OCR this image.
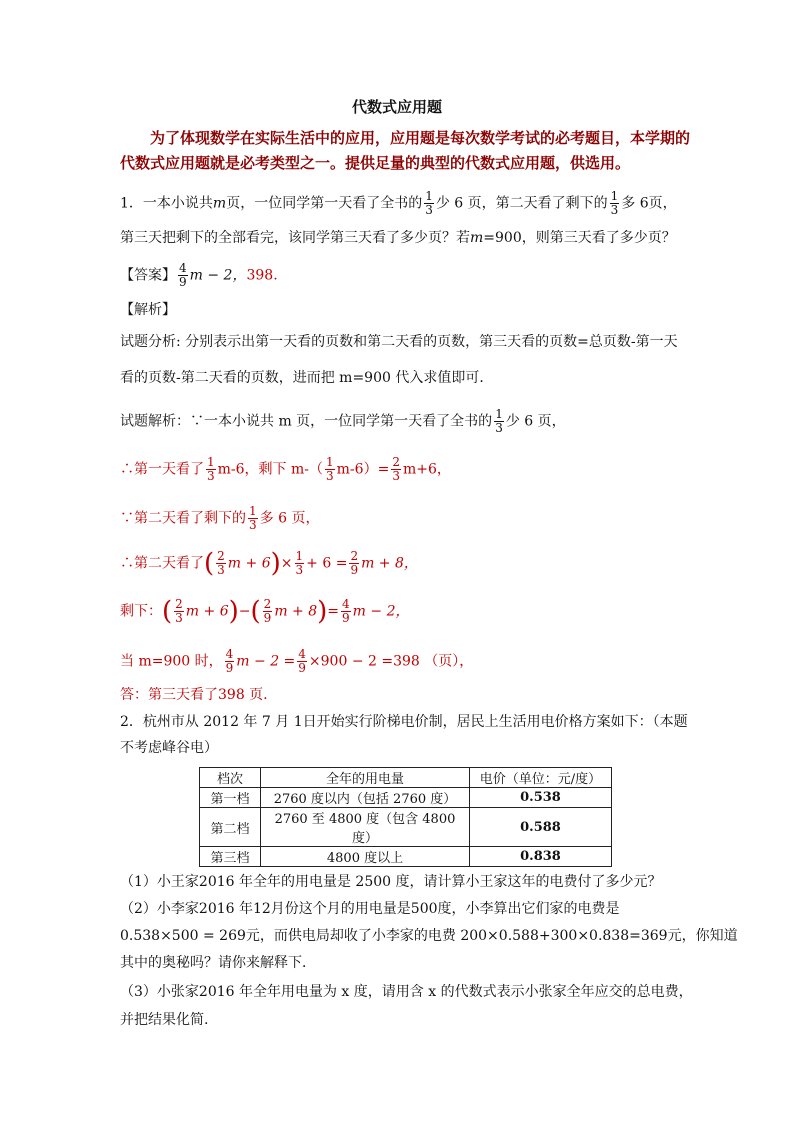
代数式应用题
为了体现数学在实际生活中的应用，应用题是每次数学考试的必考题目，本学期的代数式应用题就是必考类型之一。提供足量的典型的代数式应用题，供选用。
1．一本小说共m页，一位同学第一天看了全书的 $\frac{1}{3}$ 少 6 页，第二天看了剩下的 $\frac{1}{3}$ 多 6页，
第三天把剩下的全部看完，该同学第三天看了多少页？若m=900，则第三天看了多少页？
【答案】 $\frac{4}{9}$ m − 2，398.
【解析】
试题分析: 分别表示出第一天看的页数和第二天看的页数，第三天看的页数=总页数-第一天
看的页数-第二天看的页数，进而把 m=900 代入求值即可．
试题解析：∵一本小说共 m 页，一位同学第一天看了全书的 $\frac{1}{3}$ 少 6 页，
∴第一天看了 $\frac{1}{3} m-6$，剩下 $m-( \frac{1}{3} m-6)= \frac{2}{3} m+6$，
∵第二天看了剩下的 $\frac{1}{3}$ 多 6 页，
∴第二天看了( $\frac{2}{3}$ $m + 6)\times \frac{1}{3} + 6 = \frac{2}{9}$ m + 8，
剩下：( $\frac{2}{3}$ $m + 6)-( \frac{2}{9}$ $m + 8)= \frac{4}{9}$ m − 2，
当 m=900 时， $\frac{4}{9}$ $m - 2 = \frac{4}{9} \times 900 - 2 =398$ （页），
答：第三天看了398 页.
2．杭州市从 2012 年 7 月 1日开始实行阶梯电价制，居民上生活用电价格方案如下：（本题
不考虑峰谷电）
档次	全年的用电量	电价（单位：元/度）
第一档	2760 度以内（包括 2760 度）	0.538
第二档	2760 至 4800 度（包含 4800 度）	0.588
第三档	4800 度以上	0.838
（1）小王家2016 年全年的用电量是 2500 度，请计算小王家这年的电费付了多少元？
（2）小李家2016 年12月份这个月的用电量是500度，小李算出它们家的电费是
0.538×500 = 269元，而供电局却收了小李家的电费 200×0.588+300×0.838=369元，你知道
其中的奥秘吗？请你来解释下．
（3）小张家2016 年全年用电量为 x 度，请用含 x 的代数式表示小张家全年应交的总电费，
并把结果化简.
